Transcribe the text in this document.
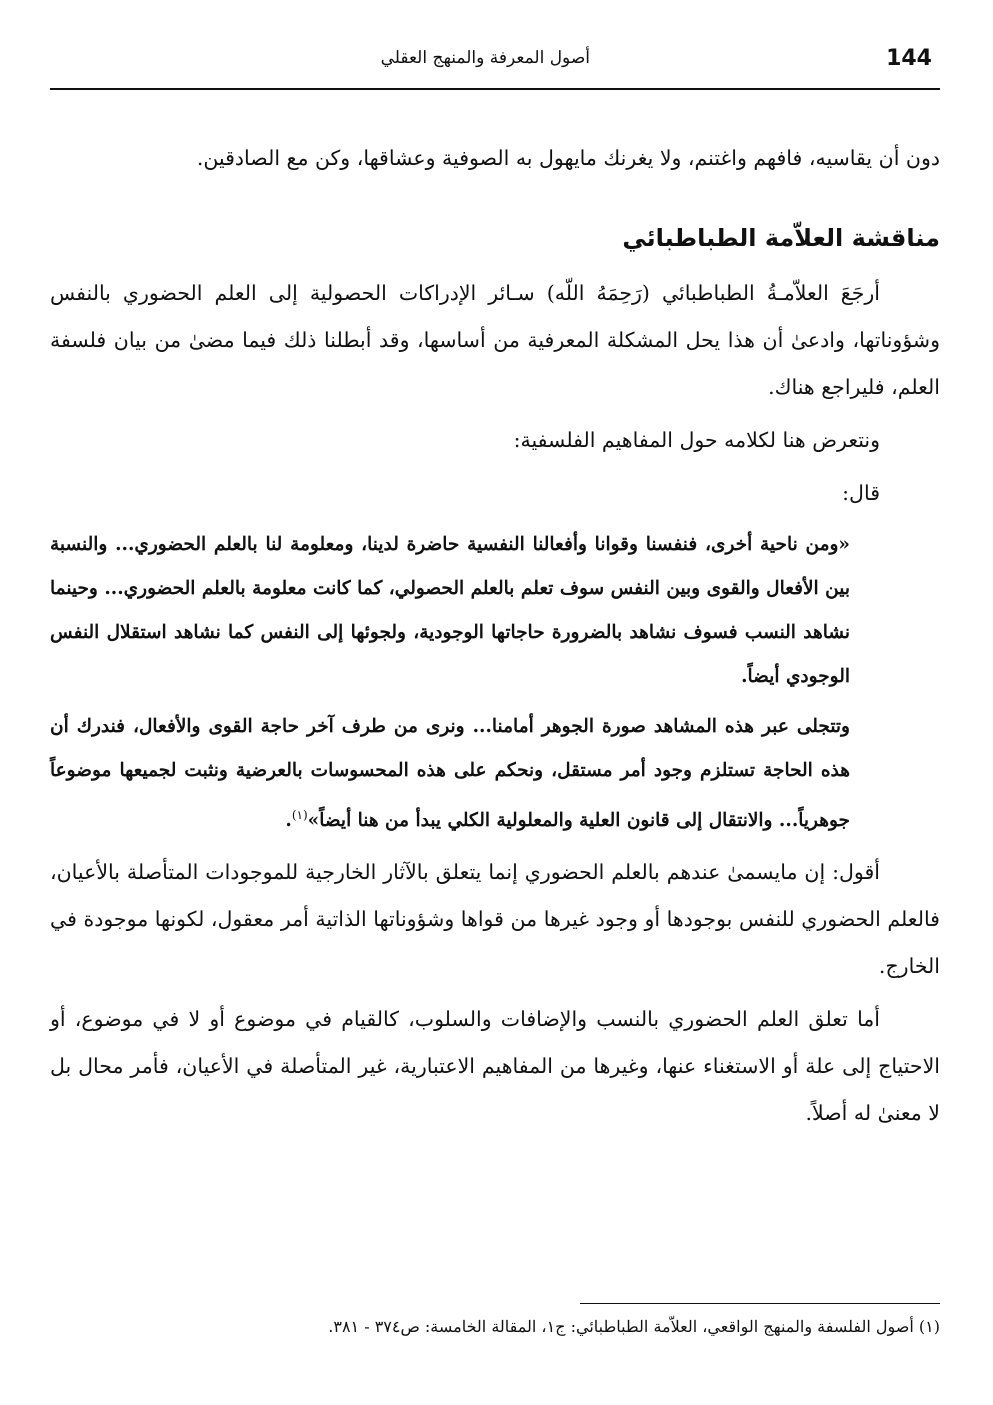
144
أصول المعرفة والمنهج العقلي

دون أن يقاسيه، فافهم واغتنم، ولا يغرنك مايهول به الصوفية وعشاقها، وكن مع الصادقين.

مناقشة العلاّمة الطباطبائي

أرجَعَ العلاّمـةُ الطباطبائي (رَحِمَهُ اللّه) سـائر الإدراكات الحصولية إلى العلم الحضوري بالنفس وشؤوناتها، وادعىٰ أن هذا يحل المشكلة المعرفية من أساسها، وقد أبطلنا ذلك فيما مضىٰ من بيان فلسفة العلم، فليراجع هناك.

ونتعرض هنا لكلامه حول المفاهيم الفلسفية:

قال:

«ومن ناحية أخرى، فنفسنا وقوانا وأفعالنا النفسية حاضرة لدينا، ومعلومة لنا بالعلم الحضوري... والنسبة بين الأفعال والقوى وبين النفس سوف تعلم بالعلم الحصولي، كما كانت معلومة بالعلم الحضوري... وحينما نشاهد النسب فسوف نشاهد بالضرورة حاجاتها الوجودية، ولجوئها إلى النفس كما نشاهد استقلال النفس الوجودي أيضاً.

وتتجلى عبر هذه المشاهد صورة الجوهر أمامنا... ونرى من طرف آخر حاجة القوى والأفعال، فندرك أن هذه الحاجة تستلزم وجود أمر مستقل، ونحكم على هذه المحسوسات بالعرضية ونثبت لجميعها موضوعاً جوهرياً... والانتقال إلى قانون العلية والمعلولية الكلي يبدأ من هنا أيضاً»$^{(١)}$.

أقول: إن مايسمىٰ عندهم بالعلم الحضوري إنما يتعلق بالآثار الخارجية للموجودات المتأصلة بالأعيان، فالعلم الحضوري للنفس بوجودها أو وجود غيرها من قواها وشؤوناتها الذاتية أمر معقول، لكونها موجودة في الخارج.

أما تعلق العلم الحضوري بالنسب والإضافات والسلوب، كالقيام في موضوع أو لا في موضوع، أو الاحتياج إلى علة أو الاستغناء عنها، وغيرها من المفاهيم الاعتبارية، غير المتأصلة في الأعيان، فأمر محال بل لا معنىٰ له أصلاً.

(١) أصول الفلسفة والمنهج الواقعي، العلاّمة الطباطبائي: ج١، المقالة الخامسة: ص٣٧٤ - ٣٨١.
